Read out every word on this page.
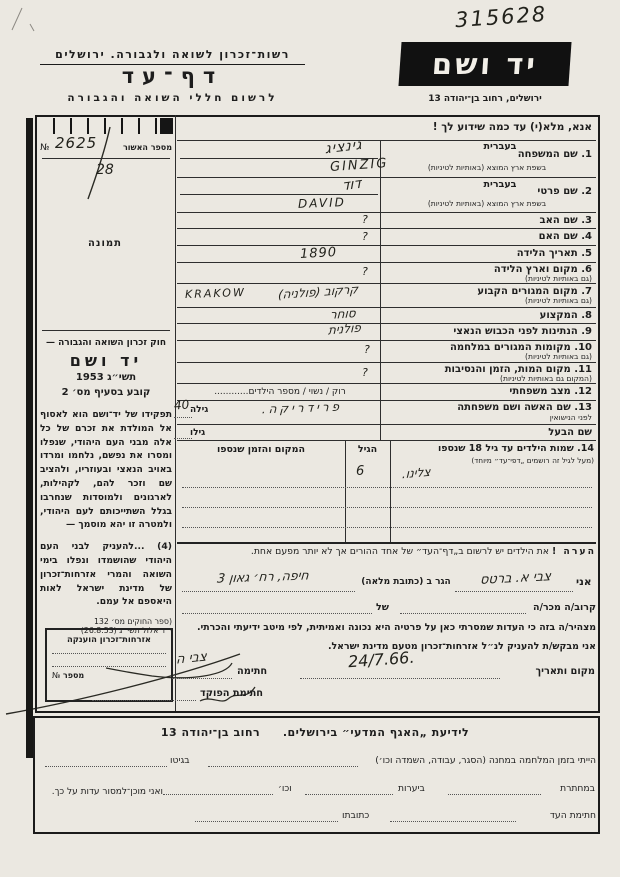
315628
רשות־זכרון לשואה ולגבורה. ירושלים
דף־עד
לרשום חללי השואה והגבורה
יד ושם
ירושלים, רחוב בן־יהודה 13
מספר האשור
№ 2625
28
תמונה
חוק זכרון השואה והגבורה —
יד ושם
תשי״ג 1953
קובע בסעיף מס׳ 2
תפקידו של יד־ושם הוא לאסוף אל המולדת את זכרם של כל אלה מבני העם היהודי, שנפלו ומסרו את נפשם, נלחמו ומרדו באויב הנאצי ובעוזריו, ולהציב שם וזכר להם, לקהילות, לארגונים ולמוסדות שנחרבו בגלל השתייכותם לעם היהודי, ולמטרה זו יהא מוסמך —
(4) ...להעניק לבני העם היהודי שהושמדו ונפלו בימי השואה והמרי אזרחות־זכרון של מדינת ישראל לאות היאספם אל עמם.
(ספר החוקים מס׳ 132
י״ד אלול תשי״ג (26.8.53)
אזרחות־זכרון הוענקה
מספר №
אנא, מלא(י) עד כמה שידוע לך !
בעברית
1. שם המשפחה
בשפת ארץ המוצא (באותיות לטיניות)
בעברית
2. שם פרטי
בשפת ארץ המוצא (באותיות לטיניות)
3. שם האב
4. שם האם
5. תאריך הלידה
6. מקום וארץ הלידה
(גם באותיות לטיניות)
7. מקום המגורים הקבוע
(גם באותיות לטיניות)
8. המקצוע
9. הנתינות לפני הכבוש הנאצי
10. מקומות המגורים במלחמה
(גם באותיות לטיניות)
11. מקום המות, הזמן והנסיבות
(המקום גם באותיות לטיניות)
12. מצב משפחתי
רוק / נשוי / מספר הילדים............
13. שם האשה ושם משפחתה
לפני הנישואין
גילה
שם הבעל
גילו
14. שמות הילדים עד גיל 18 שנספו
(מעל לגיל זה רושמים „דפי־עד״ מיוחד)
הגיל
המקום והזמן שנספו
הערה ! את הילדים יש לרשום ב„דף־העד״ של אחד ההורים אך לא יותר מפעם אחת.
גינציג
GINZIG
דוד
DAVID
?
?
1890
?
KRAKOW	קרקוב (פולניה)
סוחר
פולנית
?
?
פרידריקה.
40
צלינו.
6
אני
צבי א. ברטס
הגר ב (כתובת מלאה)
חיפה, רח׳ גאון 3
קרוב/ה מכר/ה
של
מצהיר/ה בזה כי העדות שמסרתי כאן על פרטיה היא נכונה ואמיתית, לפי מיטב ידיעתי והכרתי.
אני מבקש/ת להעניק לנ״ל אזרחות־זכרון מטעם מדינת ישראל.
מקום ותאריך
24/7.66.
חתימה
צבי ה
חתימת הפוקד
לידיעת „האגף המדעי״ בירושלים.  רחוב בן־יהודה 13
הייתי בזמן המלחמה במחנה (הסגר, עבודה, השמדה וכו׳)
בגיטו
במחתרת
ביערות
וכו׳
ואני מוכן־למסור עדות על כך.
חתימת העד
כתובתו
